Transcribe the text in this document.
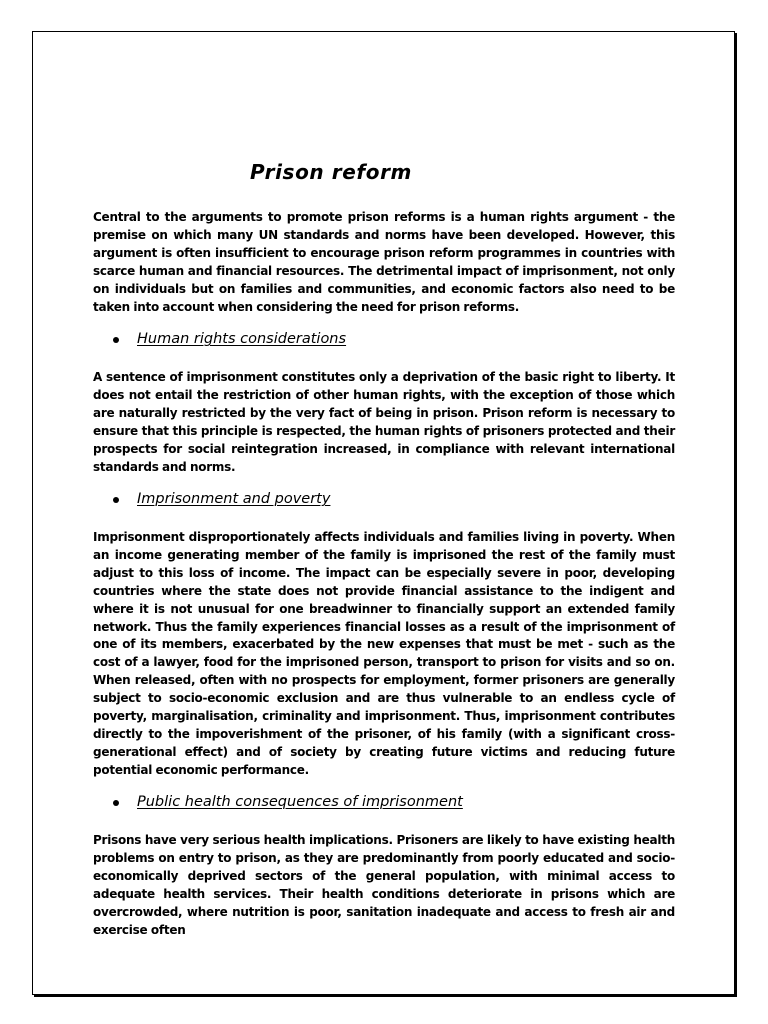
Prison reform

Central to the arguments to promote prison reforms is a human rights argument - the premise on which many UN standards and norms have been developed. However, this argument is often insufficient to encourage prison reform programmes in countries with scarce human and financial resources. The detrimental impact of imprisonment, not only on individuals but on families and communities, and economic factors also need to be taken into account when considering the need for prison reforms.

Human rights considerations

A sentence of imprisonment constitutes only a deprivation of the basic right to liberty. It does not entail the restriction of other human rights, with the exception of those which are naturally restricted by the very fact of being in prison. Prison reform is necessary to ensure that this principle is respected, the human rights of prisoners protected and their prospects for social reintegration increased, in compliance with relevant international standards and norms.

Imprisonment and poverty

Imprisonment disproportionately affects individuals and families living in poverty. When an income generating member of the family is imprisoned the rest of the family must adjust to this loss of income. The impact can be especially severe in poor, developing countries where the state does not provide financial assistance to the indigent and where it is not unusual for one breadwinner to financially support an extended family network. Thus the family experiences financial losses as a result of the imprisonment of one of its members, exacerbated by the new expenses that must be met - such as the cost of a lawyer, food for the imprisoned person, transport to prison for visits and so on. When released, often with no prospects for employment, former prisoners are generally subject to socio-economic exclusion and are thus vulnerable to an endless cycle of poverty, marginalisation, criminality and imprisonment. Thus, imprisonment contributes directly to the impoverishment of the prisoner, of his family (with a significant cross-generational effect) and of society by creating future victims and reducing future potential economic performance.

Public health consequences of imprisonment

Prisons have very serious health implications. Prisoners are likely to have existing health problems on entry to prison, as they are predominantly from poorly educated and socio-economically deprived sectors of the general population, with minimal access to adequate health services. Their health conditions deteriorate in prisons which are overcrowded, where nutrition is poor, sanitation inadequate and access to fresh air and exercise often
